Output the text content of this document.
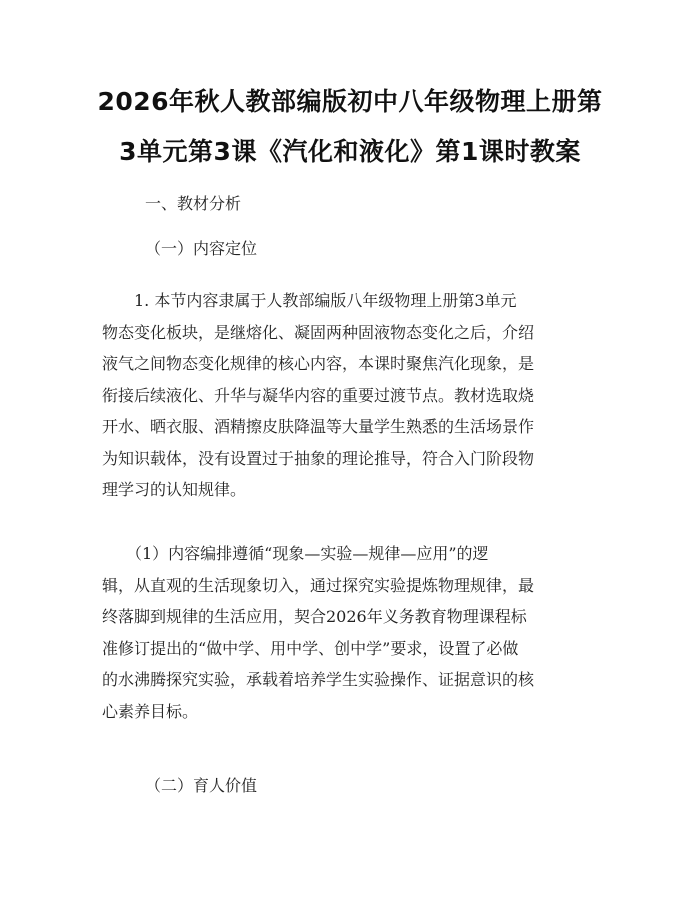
2026年秋人教部编版初中八年级物理上册第
3单元第3课《汽化和液化》第1课时教案
一、教材分析
（一）内容定位
　　1. 本节内容隶属于人教部编版八年级物理上册第3单元
物态变化板块，是继熔化、凝固两种固液物态变化之后，介绍
液气之间物态变化规律的核心内容，本课时聚焦汽化现象，是
衔接后续液化、升华与凝华内容的重要过渡节点。教材选取烧
开水、晒衣服、酒精擦皮肤降温等大量学生熟悉的生活场景作
为知识载体，没有设置过于抽象的理论推导，符合入门阶段物
理学习的认知规律。
　　（1）内容编排遵循“现象—实验—规律—应用”的逻
辑，从直观的生活现象切入，通过探究实验提炼物理规律，最
终落脚到规律的生活应用，契合2026年义务教育物理课程标
准修订提出的“做中学、用中学、创中学”要求，设置了必做
的水沸腾探究实验，承载着培养学生实验操作、证据意识的核
心素养目标。
（二）育人价值
